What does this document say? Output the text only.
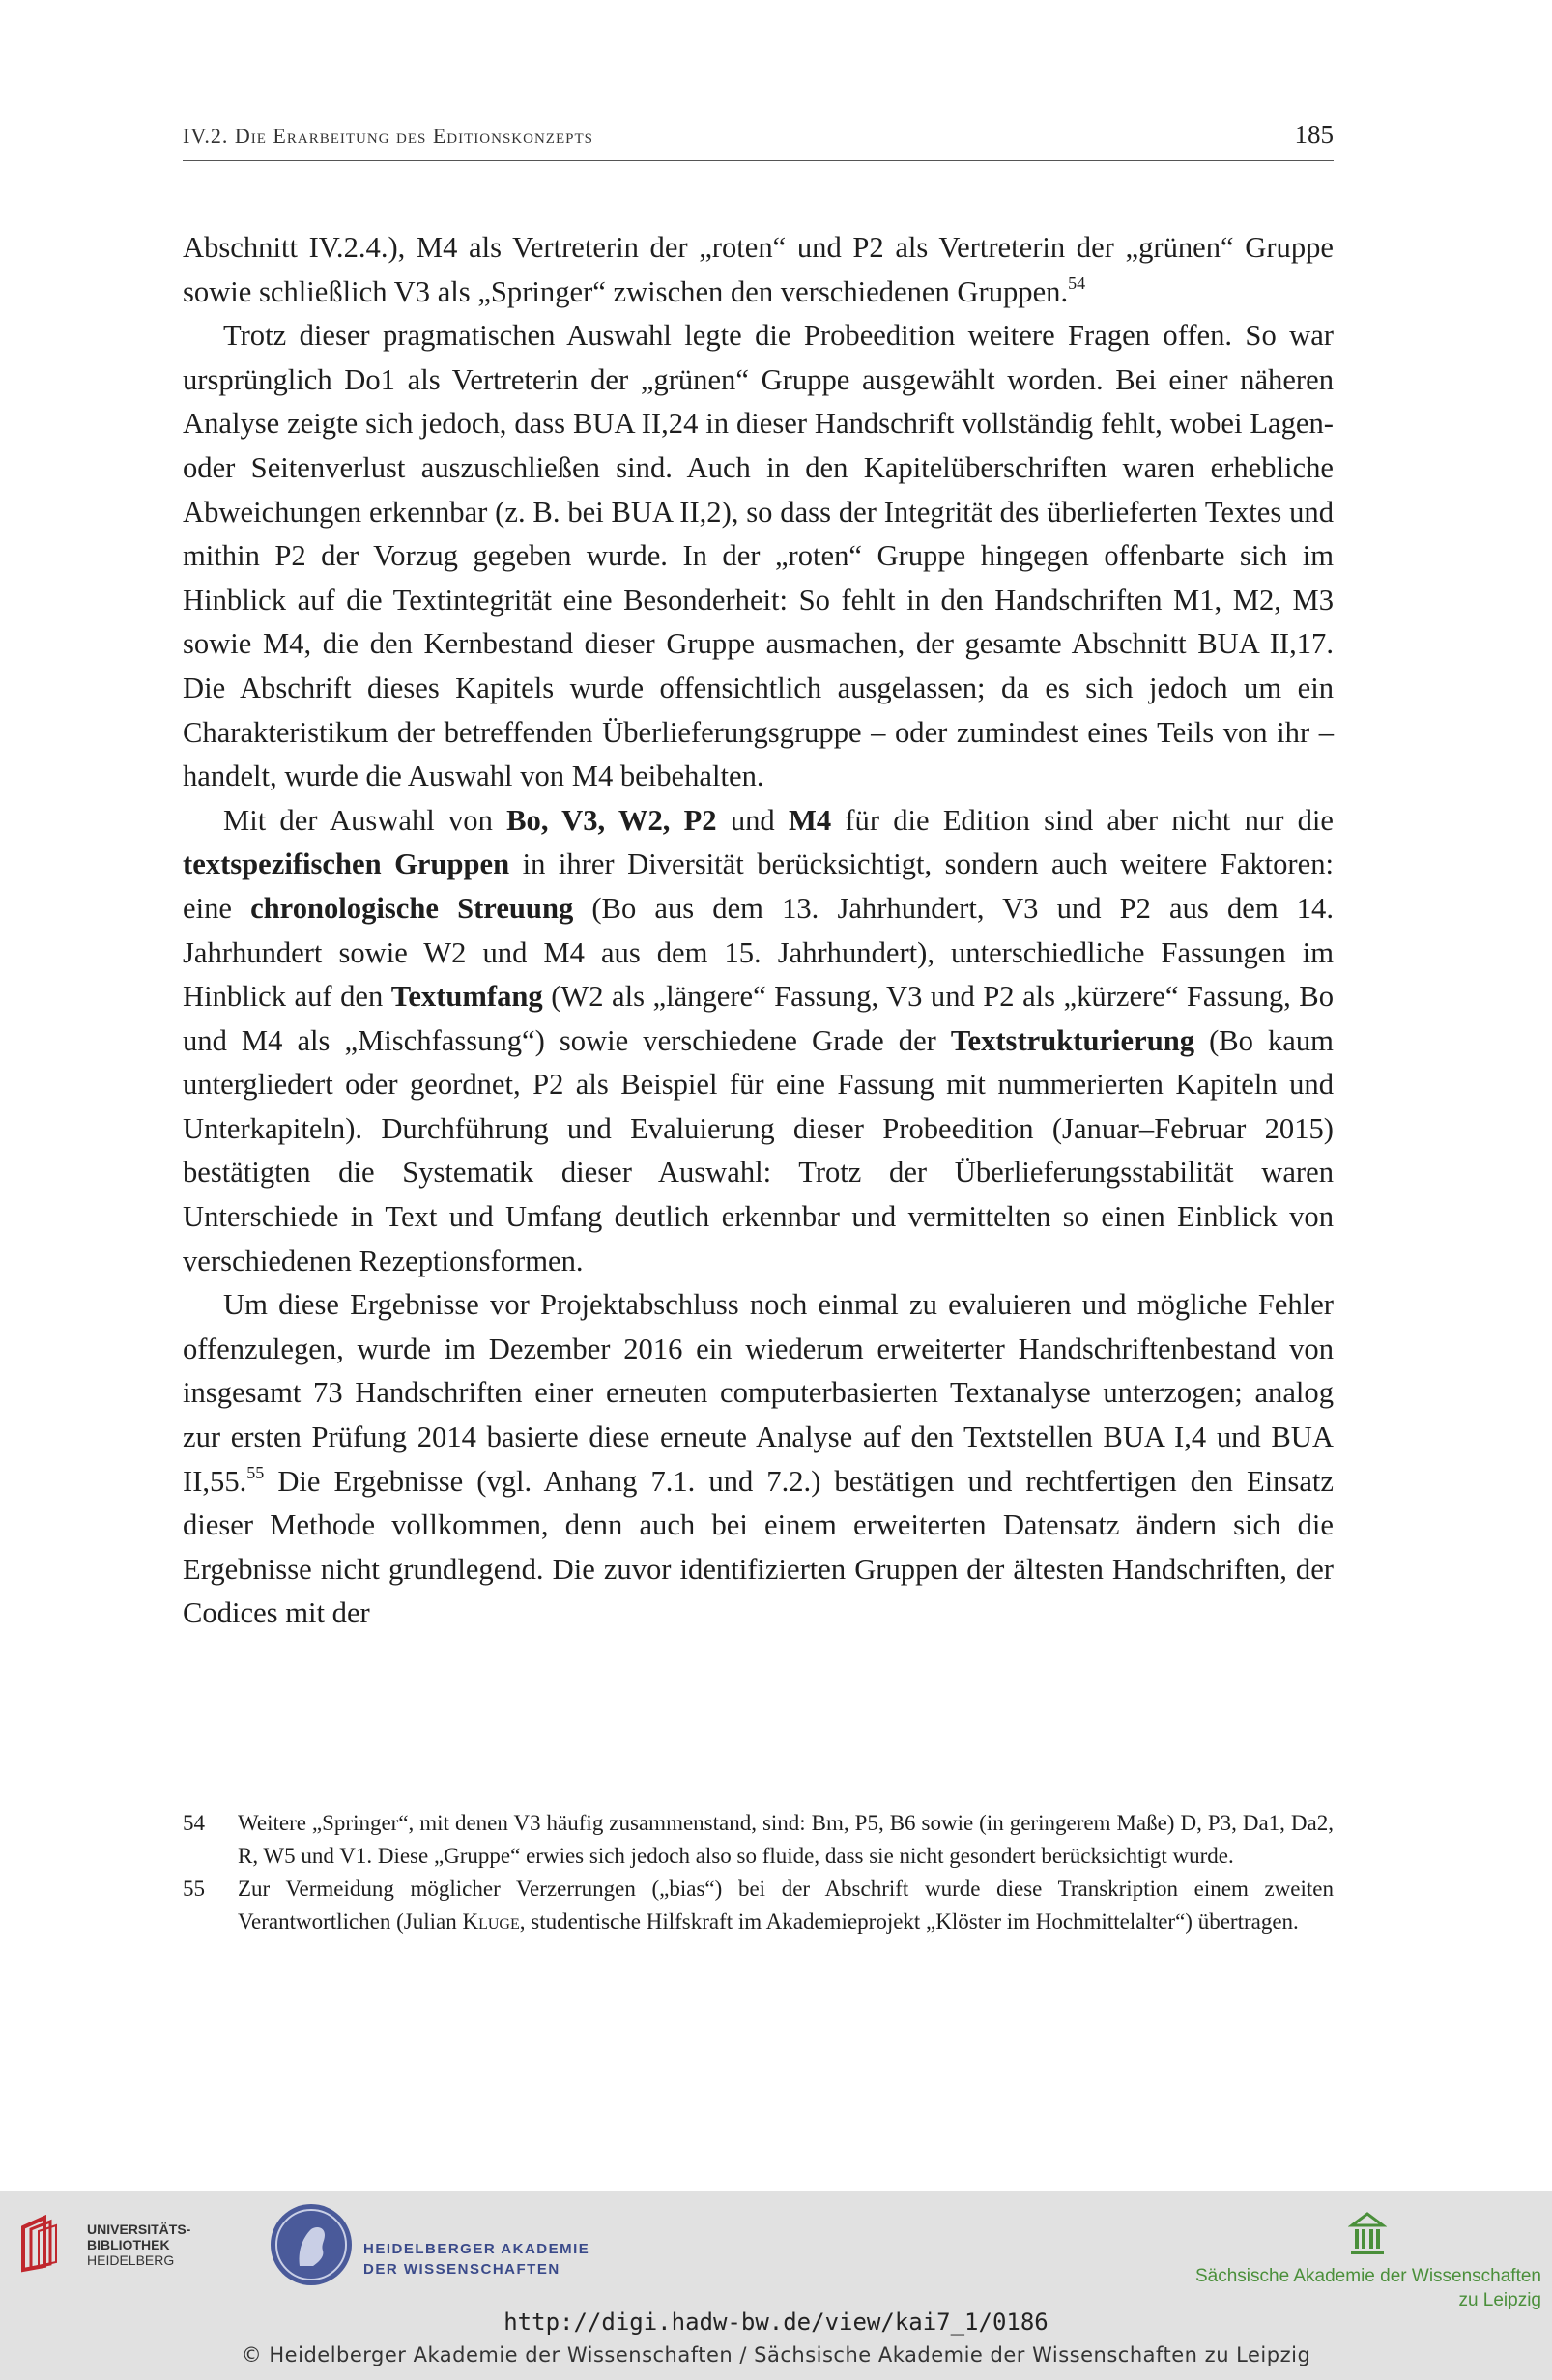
IV.2. Die Erarbeitung des Editionskonzepts	185

Abschnitt IV.2.4.), M4 als Vertreterin der „roten“ und P2 als Vertreterin der „grünen“ Gruppe sowie schließlich V3 als „Springer“ zwischen den verschiedenen Gruppen.$^{54}$

Trotz dieser pragmatischen Auswahl legte die Probeedition weitere Fragen offen. So war ursprünglich Do1 als Vertreterin der „grünen“ Gruppe ausgewählt worden. Bei einer näheren Analyse zeigte sich jedoch, dass BUA II,24 in dieser Handschrift vollständig fehlt, wobei Lagen- oder Seitenverlust auszuschließen sind. Auch in den Kapitelüberschriften waren erhebliche Abweichungen erkennbar (z. B. bei BUA II,2), so dass der Integrität des überlieferten Textes und mithin P2 der Vorzug gegeben wurde. In der „roten“ Gruppe hingegen offenbarte sich im Hinblick auf die Textintegrität eine Besonderheit: So fehlt in den Handschriften M1, M2, M3 sowie M4, die den Kernbestand dieser Gruppe ausmachen, der gesamte Abschnitt BUA II,17. Die Abschrift dieses Kapitels wurde offensichtlich ausgelassen; da es sich jedoch um ein Charakteristikum der betreffenden Überlieferungsgruppe – oder zumindest eines Teils von ihr – handelt, wurde die Auswahl von M4 beibehalten.

Mit der Auswahl von Bo, V3, W2, P2 und M4 für die Edition sind aber nicht nur die textspezifischen Gruppen in ihrer Diversität berücksichtigt, sondern auch weitere Faktoren: eine chronologische Streuung (Bo aus dem 13. Jahrhundert, V3 und P2 aus dem 14. Jahrhundert sowie W2 und M4 aus dem 15. Jahrhundert), unterschiedliche Fassungen im Hinblick auf den Textumfang (W2 als „längere“ Fassung, V3 und P2 als „kürzere“ Fassung, Bo und M4 als „Mischfassung“) sowie verschiedene Grade der Textstrukturierung (Bo kaum untergliedert oder geordnet, P2 als Beispiel für eine Fassung mit nummerierten Kapiteln und Unterkapiteln). Durchführung und Evaluierung dieser Probeedition (Januar–Februar 2015) bestätigten die Systematik dieser Auswahl: Trotz der Überlieferungsstabilität waren Unterschiede in Text und Umfang deutlich erkennbar und vermittelten so einen Einblick von verschiedenen Rezeptionsformen.

Um diese Ergebnisse vor Projektabschluss noch einmal zu evaluieren und mögliche Fehler offenzulegen, wurde im Dezember 2016 ein wiederum erweiterter Handschriftenbestand von insgesamt 73 Handschriften einer erneuten computerbasierten Textanalyse unterzogen; analog zur ersten Prüfung 2014 basierte diese erneute Analyse auf den Textstellen BUA I,4 und BUA II,55.55 Die Ergebnisse (vgl. Anhang 7.1. und 7.2.) bestätigen und rechtfertigen den Einsatz dieser Methode vollkommen, denn auch bei einem erweiterten Datensatz ändern sich die Ergebnisse nicht grundlegend. Die zuvor identifizierten Gruppen der ältesten Handschriften, der Codices mit der

54 Weitere „Springer“, mit denen V3 häufig zusammenstand, sind: Bm, P5, B6 sowie (in geringerem Maße) D, P3, Da1, Da2, R, W5 und V1. Diese „Gruppe“ erwies sich jedoch also so fluide, dass sie nicht gesondert berücksichtigt wurde.
55 Zur Vermeidung möglicher Verzerrungen („bias“) bei der Abschrift wurde diese Transkription einem zweiten Verantwortlichen (Julian Kluge, studentische Hilfskraft im Akademieprojekt „Klöster im Hochmittelalter“) übertragen.
UNIVERSITÄTS-
BIBLIOTHEK
HEIDELBERG
HEIDELBERGER AKADEMIE
DER WISSENSCHAFTEN	Sächsische Akademie der Wissenschaften
zu Leipzig
http://digi.hadw-bw.de/view/kai7_1/0186
© Heidelberger Akademie der Wissenschaften / Sächsische Akademie der Wissenschaften zu Leipzig
